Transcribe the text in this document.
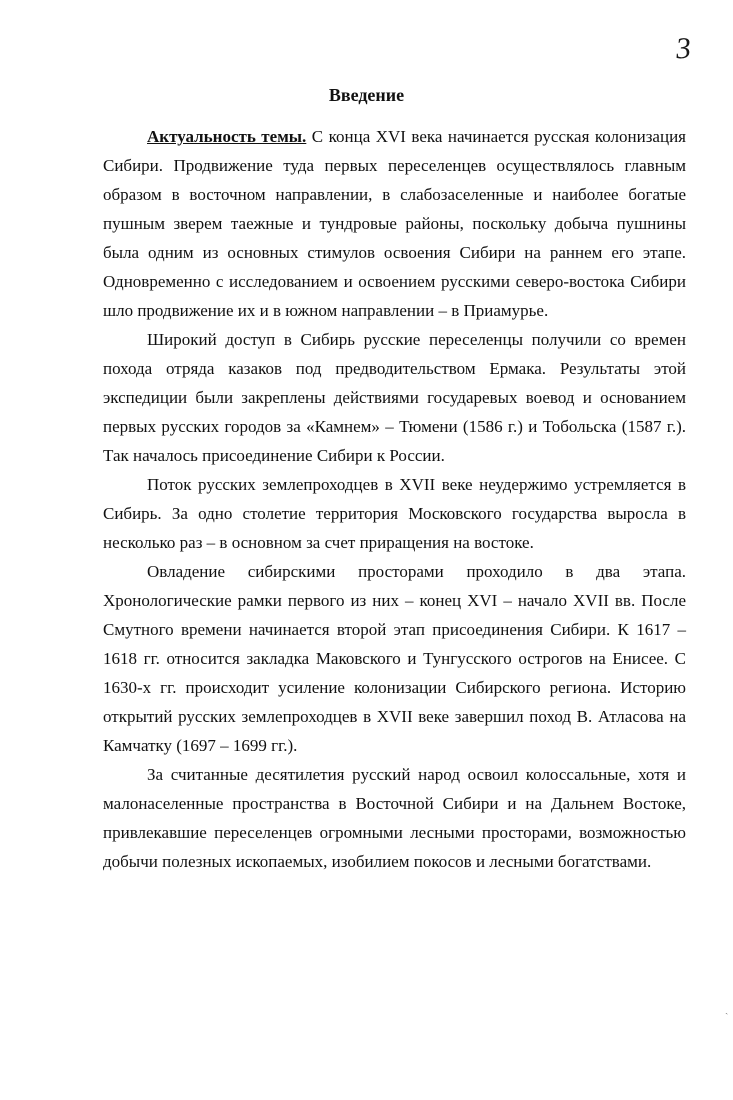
3
Введение

Актуальность темы. С конца XVI века начинается русская колонизация Сибири. Продвижение туда первых переселенцев осуществлялось главным образом в восточном направлении, в слабозаселенные и наиболее богатые пушным зверем таежные и тундровые районы, поскольку добыча пушнины была одним из основных стимулов освоения Сибири на раннем его этапе. Одновременно с исследованием и освоением русскими северо-востока Сибири шло продвижение их и в южном направлении – в Приамурье.

Широкий доступ в Сибирь русские переселенцы получили со времен похода отряда казаков под предводительством Ермака. Результаты этой экспедиции были закреплены действиями государевых воевод и основанием первых русских городов за «Камнем» – Тюмени (1586 г.) и Тобольска (1587 г.). Так началось присоединение Сибири к России.

Поток русских землепроходцев в XVII веке неудержимо устремляется в Сибирь. За одно столетие территория Московского государства выросла в несколько раз – в основном за счет приращения на востоке.

Овладение сибирскими просторами проходило в два этапа. Хронологические рамки первого из них – конец XVI – начало XVII вв. После Смутного времени начинается второй этап присоединения Сибири. К 1617 – 1618 гг. относится закладка Маковского и Тунгусского острогов на Енисее. С 1630-х гг. происходит усиление колонизации Сибирского региона. Историю открытий русских землепроходцев в XVII веке завершил поход В. Атласова на Камчатку (1697 – 1699 гг.).

За считанные десятилетия русский народ освоил колоссальные, хотя и малонаселенные пространства в Восточной Сибири и на Дальнем Востоке, привлекавшие переселенцев огромными лесными просторами, возможностью добычи полезных ископаемых, изобилием покосов и лесными богатствами.

ˏ
